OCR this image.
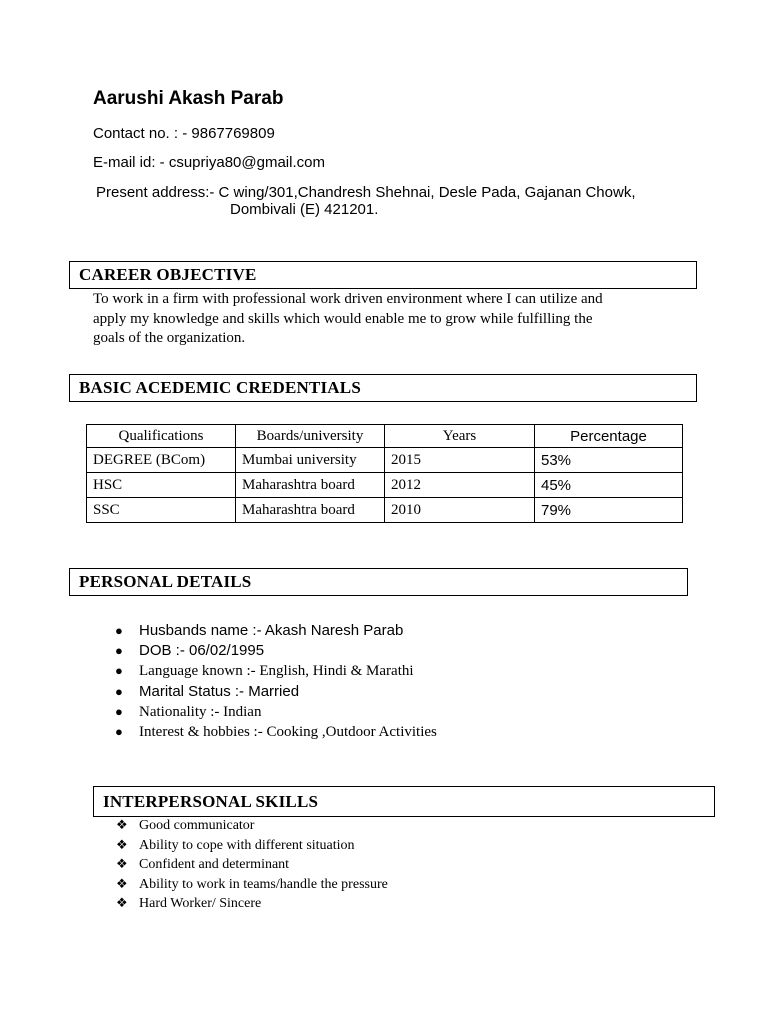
Aarushi Akash Parab
Contact no. : - 9867769809
E-mail id: - csupriya80@gmail.com
Present address:- C wing/301,Chandresh Shehnai, Desle Pada, Gajanan Chowk,
Dombivali (E) 421201.
CAREER OBJECTIVE
To work in a firm with professional work driven environment where I can utilize and
apply my knowledge and skills which would enable me to grow while fulfilling the
goals of the organization.
BASIC ACEDEMIC CREDENTIALS
Qualifications	Boards/university	Years	Percentage
DEGREE (BCom)	Mumbai university	2015	53%
HSC	Maharashtra board	2012	45%
SSC	Maharashtra board	2010	79%
PERSONAL DETAILS
● Husbands name :- Akash Naresh Parab
● DOB :- 06/02/1995
● Language known :- English, Hindi & Marathi
● Marital Status :- Married
● Nationality :- Indian
● Interest & hobbies :- Cooking ,Outdoor Activities
INTERPERSONAL SKILLS
❖ Good communicator
❖ Ability to cope with different situation
❖ Confident and determinant
❖ Ability to work in teams/handle the pressure
❖ Hard Worker/ Sincere
